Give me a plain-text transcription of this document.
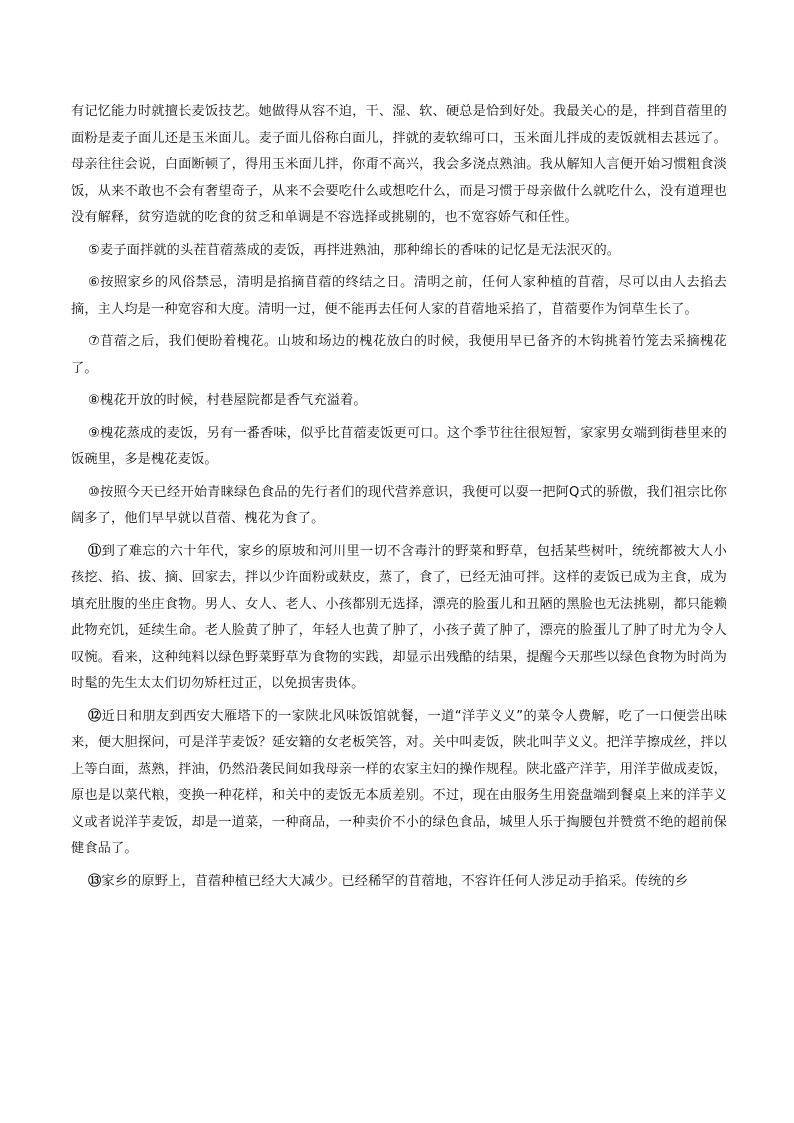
有记忆能力时就擅长麦饭技艺。她做得从容不迫，干、湿、软、硬总是恰到好处。我最关心的是，拌到苜蓿里的面粉是麦子面儿还是玉米面儿。麦子面儿俗称白面儿，拌就的麦软绵可口，玉米面儿拌成的麦饭就相去甚远了。母亲往往会说，白面断顿了，得用玉米面儿拌，你甭不高兴，我会多浇点熟油。我从解知人言便开始习惯粗食淡饭，从来不敢也不会有奢望奇子，从来不会要吃什么或想吃什么，而是习惯于母亲做什么就吃什么，没有道理也没有解释，贫穷造就的吃食的贫乏和单调是不容选择或挑剔的，也不宽容娇气和任性。

⑤麦子面拌就的头茬苜蓿蒸成的麦饭，再拌进熟油，那种绵长的香味的记忆是无法泯灭的。

⑥按照家乡的风俗禁忌，清明是掐摘苜蓿的终结之日。清明之前，任何人家种植的苜蓿，尽可以由人去掐去摘，主人均是一种宽容和大度。清明一过，便不能再去任何人家的苜蓿地采掐了，苜蓿要作为饲草生长了。

⑦苜蓿之后，我们便盼着槐花。山坡和场边的槐花放白的时候，我便用早已备齐的木钩挑着竹笼去采摘槐花了。

⑧槐花开放的时候，村巷屋院都是香气充溢着。

⑨槐花蒸成的麦饭，另有一番香味，似乎比苜蓿麦饭更可口。这个季节往往很短暂，家家男女端到街巷里来的饭碗里，多是槐花麦饭。

⑩按照今天已经开始青睐绿色食品的先行者们的现代营养意识，我便可以耍一把阿Q式的骄傲，我们祖宗比你阔多了，他们早早就以苜蓿、槐花为食了。

⑪到了难忘的六十年代，家乡的原坡和河川里一切不含毒汁的野菜和野草，包括某些树叶，统统都被大人小孩挖、掐、拔、摘、回家去，拌以少许面粉或麸皮，蒸了，食了，已经无油可拌。这样的麦饭已成为主食，成为填充肚腹的坐庄食物。男人、女人、老人、小孩都别无选择，漂亮的脸蛋儿和丑陋的黑脸也无法挑剔，都只能赖此物充饥，延续生命。老人脸黄了肿了，年轻人也黄了肿了，小孩子黄了肿了，漂亮的脸蛋儿了肿了时尤为令人叹惋。看来，这种纯料以绿色野菜野草为食物的实践，却显示出残酷的结果，提醒今天那些以绿色食物为时尚为时髦的先生太太们切勿矫枉过正，以免损害贵体。

⑫近日和朋友到西安大雁塔下的一家陕北风味饭馆就餐，一道“洋芋义义”的菜令人费解，吃了一口便尝出味来，便大胆探问，可是洋芋麦饭？延安籍的女老板笑答，对。关中叫麦饭，陕北叫芋义义。把洋芋擦成丝，拌以上等白面，蒸熟，拌油，仍然沿袭民间如我母亲一样的农家主妇的操作规程。陕北盛产洋芋，用洋芋做成麦饭，原也是以菜代粮，变换一种花样，和关中的麦饭无本质差别。不过，现在由服务生用瓷盘端到餐桌上来的洋芋义义或者说洋芋麦饭，却是一道菜，一种商品，一种卖价不小的绿色食品，城里人乐于掏腰包并赞赏不绝的超前保健食品了。

⑬家乡的原野上，苜蓿种植已经大大减少。已经稀罕的苜蓿地，不容许任何人涉足动手掐采。传统的乡
